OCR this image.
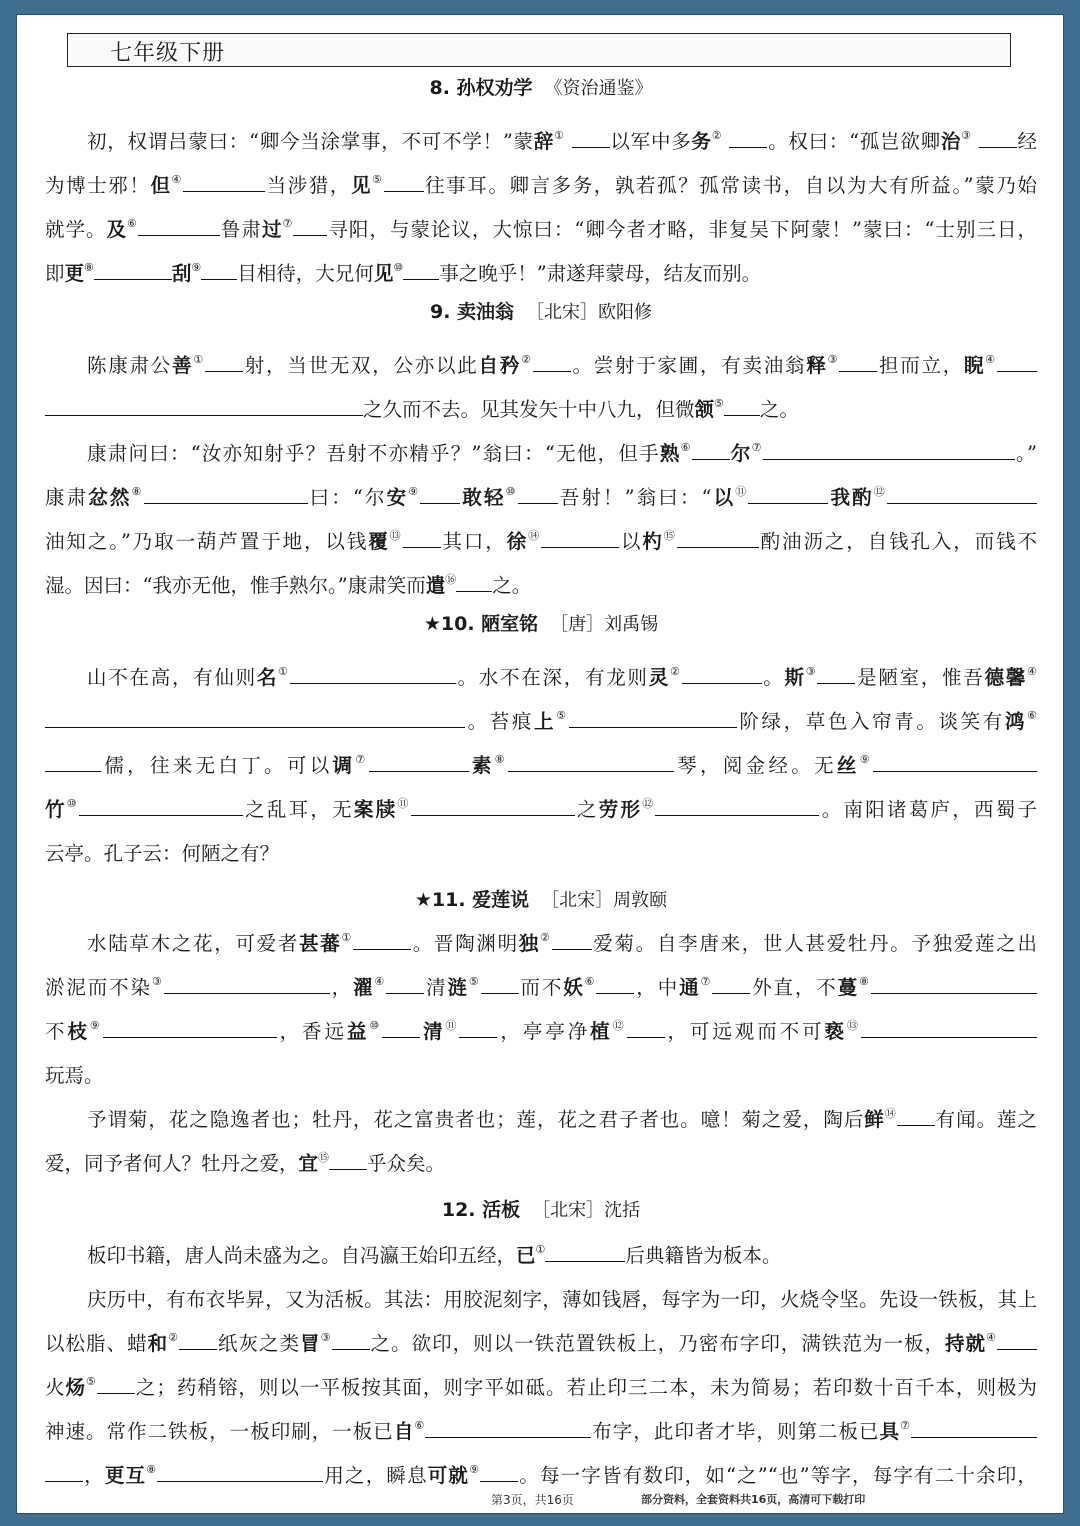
七年级下册
8. 孙权劝学 《资治通鉴》
初，权谓吕蒙曰：“卿今当涂掌事，不可不学！”蒙辞① 以军中多务② 。权曰：“孤岂欲卿治③ 经
为博士邪！但④	当涉猎，见⑤ 往事耳。卿言多务，孰若孤？孤常读书，自以为大有所益。”蒙乃始
就学。及⑥	鲁肃过⑦ 寻阳，与蒙论议，大惊曰：“卿今者才略，非复吴下阿蒙！”蒙曰：“士别三日，
即更⑧	刮⑨ 目相待，大兄何见⑩ 事之晚乎！”肃遂拜蒙母，结友而别。
9. 卖油翁 ［北宋］欧阳修
陈康肃公善① 射，当世无双，公亦以此自矜② 。尝射于家圃，有卖油翁释③ 担而立，睨④
之久而不去。见其发矢十中八九，但微颔⑤ 之。
康肃问曰：“汝亦知射乎？吾射不亦精乎？”翁曰：“无他，但手熟⑥ 尔⑦	。”
康肃忿然⑧	曰：“尔安⑨ 敢轻⑩ 吾射！”翁曰：“以⑪	我酌⑫
油知之。”乃取一葫芦置于地，以钱覆⑬ 其口，徐⑭	以杓⑮	酌油沥之，自钱孔入，而钱不
湿。因曰：“我亦无他，惟手熟尔。”康肃笑而遣⑯ 之。
★10. 陋室铭 ［唐］刘禹锡
山不在高，有仙则名①	。水不在深，有龙则灵②	。斯③ 是陋室，惟吾德馨④
。苔痕上⑤	阶绿，草色入帘青。谈笑有鸿⑥
儒，往来无白丁。可以调⑦	素⑧	琴，阅金经。无丝⑨
竹⑩	之乱耳，无案牍⑪	之劳形⑫	。南阳诸葛庐，西蜀子
云亭。孔子云：何陋之有？
★11. 爱莲说 ［北宋］周敦颐
水陆草木之花，可爱者甚蕃①	。晋陶渊明独② 爱菊。自李唐来，世人甚爱牡丹。予独爱莲之出
淤泥而不染③	，濯④ 清涟⑤ 而不妖⑥ ，中通⑦ 外直，不蔓⑧
不枝⑨	，香远益⑩ 清⑪ ，亭亭净植⑫ ，可远观而不可亵⑬
玩焉。
予谓菊，花之隐逸者也；牡丹，花之富贵者也；莲，花之君子者也。噫！菊之爱，陶后鲜⑭ 有闻。莲之
爱，同予者何人？牡丹之爱，宜⑮ 乎众矣。
12. 活板 ［北宋］沈括
板印书籍，唐人尚未盛为之。自冯瀛王始印五经，已①	后典籍皆为板本。
庆历中，有布衣毕昇，又为活板。其法：用胶泥刻字，薄如钱唇，每字为一印，火烧令坚。先设一铁板，其上
以松脂、蜡和② 纸灰之类冒③ 之。欲印，则以一铁范置铁板上，乃密布字印，满铁范为一板，持就④
火炀⑤ 之；药稍镕，则以一平板按其面，则字平如砥。若止印三二本，未为简易；若印数十百千本，则极为
神速。常作二铁板，一板印刷，一板已自⑥	布字，此印者才毕，则第二板已具⑦
，更互⑧	用之，瞬息可就⑨ 。每一字皆有数印，如“之”“也”等字，每字有二十余印，
第3页，共16页	部分资料，全套资料共16页，高清可下载打印
